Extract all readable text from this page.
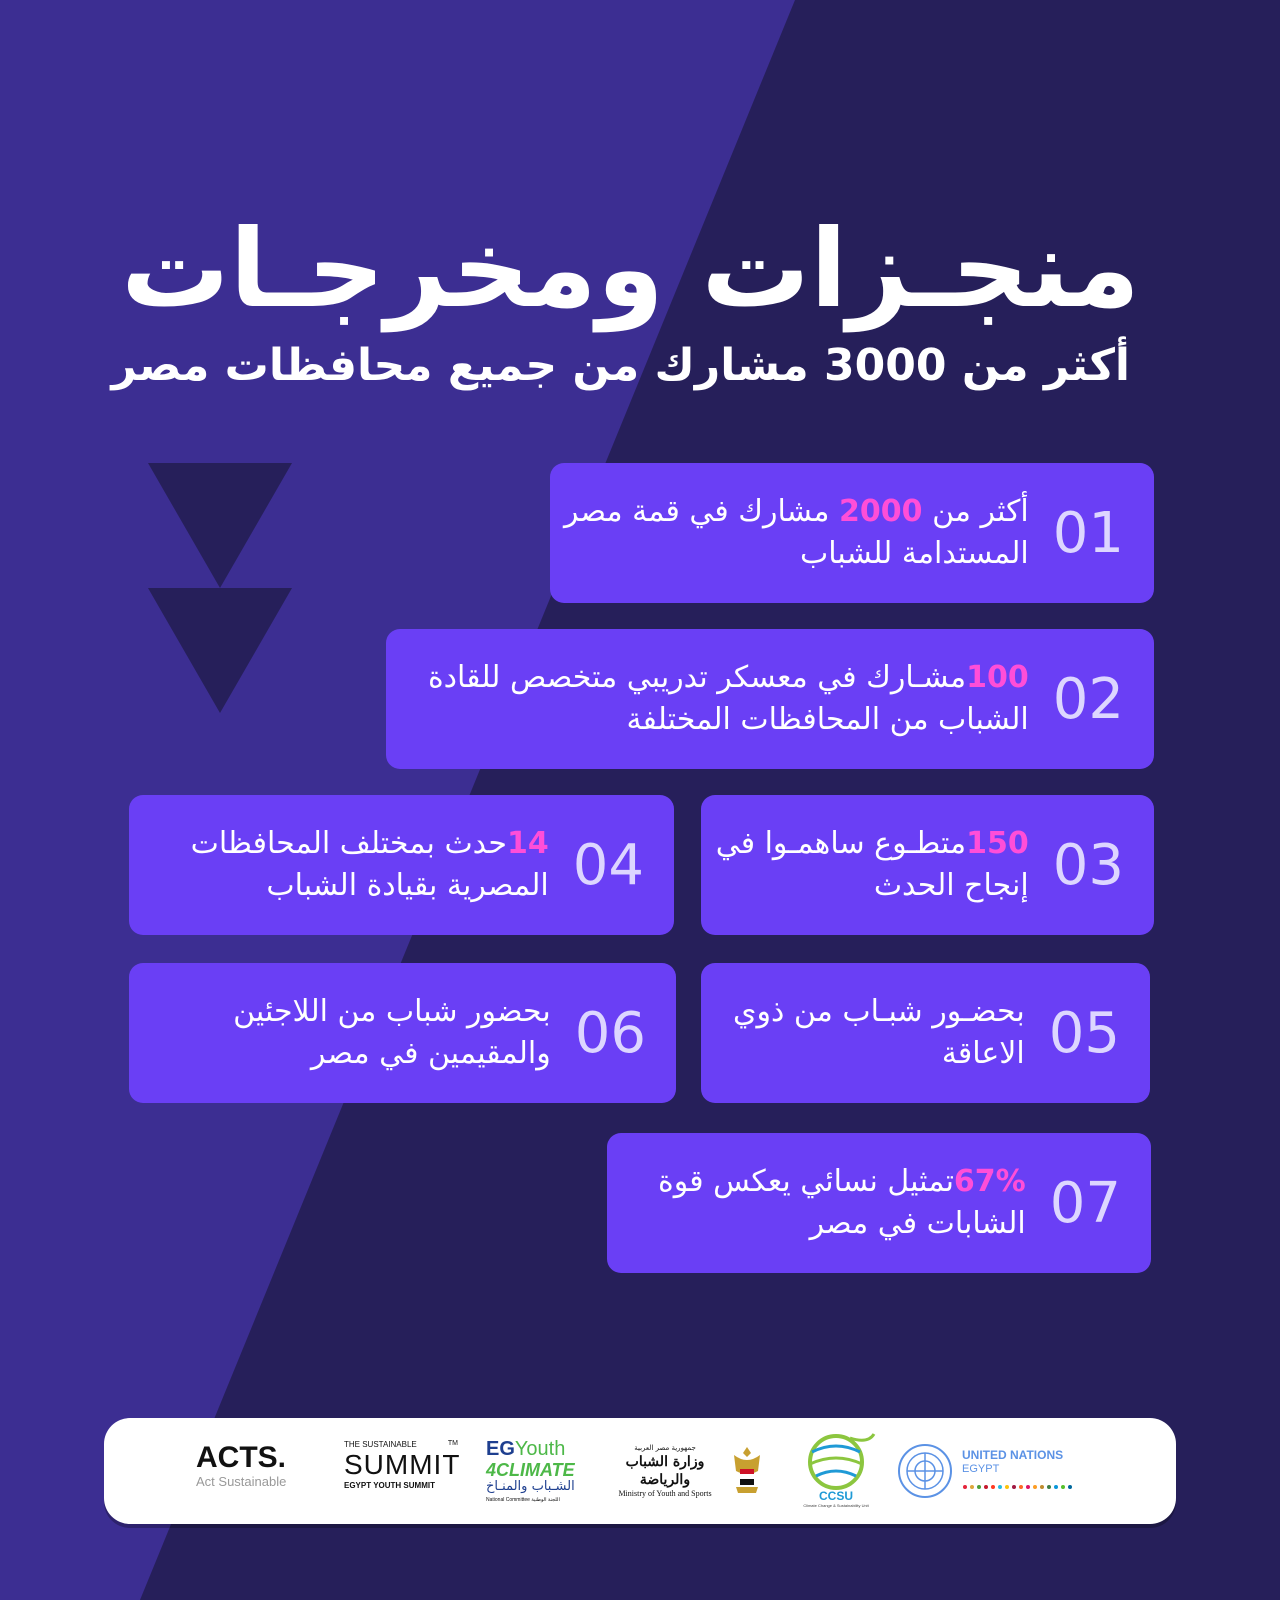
منجـزات ومخرجـات
أكثر من 3000 مشارك من جميع محافظات مصر
01
أكثر من 2000 مشارك في قمة مصر المستدامة للشباب
02
100مشـارك في معسكر تدريبي متخصص للقادة الشباب من المحافظات المختلفة
03
150متطـوع ساهمـوا في إنجاح الحدث
04
14حدث بمختلف المحافظات المصرية بقيادة الشباب
05
بحضـور شبـاب من ذوي الاعاقة
06
بحضور شباب من اللاجئين والمقيمين في مصر
07
67%تمثيل نسائي يعكس قوة الشابات في مصر
ACTS.
Act Sustainable
THE SUSTAINABLE	TM
SUMMIT
EGYPT YOUTH SUMMIT
EGYouth
4CLIMATE
الشـباب والمنـاخ
National Committee اللجنة الوطنية
جمهورية مصر العربية
وزارة الشباب والرياضة
Ministry of Youth and Sports	CCSU
Climate Change & Sustainability Unit
UNITED NATIONS
EGYPT
